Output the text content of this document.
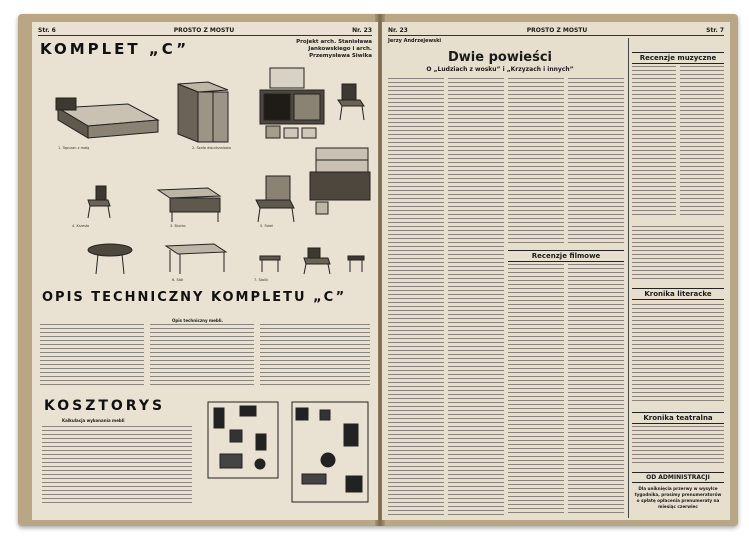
Str. 6	PROSTO Z MOSTU	Nr. 23
KOMPLET „C”	Projekt arch. Stanisława
Jankowskiego i arch.
Przemysława Siwika
1. Tapczan z małą	2. Szafa dwudrzwiowa
3. Biurko
4. Krzesło	5. Fotel
6. Stół	7. Stolik
OPIS TECHNICZNY KOMPLETU „C”
Opis techniczny mebli.
KOSZTORYS
Kalkulacja wykonania mebli
Nr. 23	PROSTO Z MOSTU	Str. 7
Jerzy Andrzejewski
Dwie powieści
O „Ludziach z wosku” i „Krzyzach i innych”
Recenzje filmowe
Recenzje muzyczne
Kronika literacke
Kronika teatralna
OD ADMINISTRACJI
Dla uniknięcia przerwy w wysyłce tygodnika, prosimy prenumeratorów o spłatę opłacenia prenumeraty na miesiąc czerwiec
